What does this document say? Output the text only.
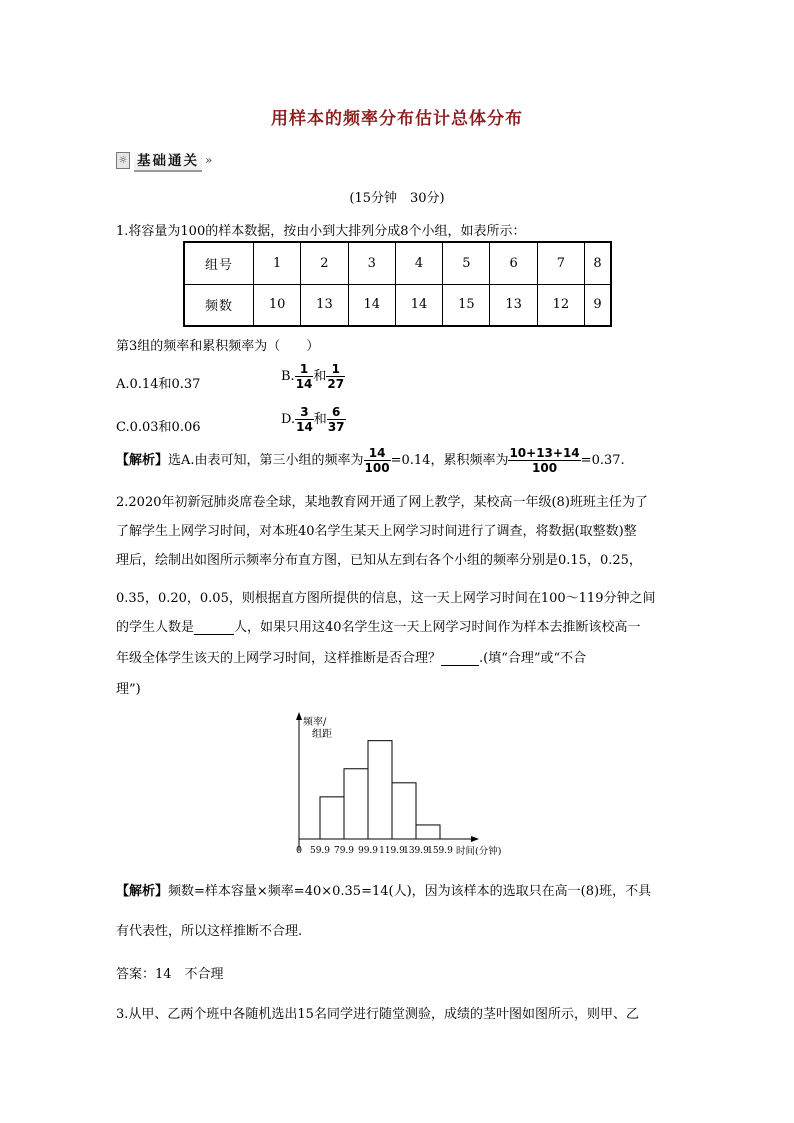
用样本的频率分布估计总体分布
☼ 基础通关 »
(15分钟　30分)
1.将容量为100的样本数据，按由小到大排列分成8个小组，如表所示：
组号	1	2	3	4	5	6	7	8
频数	10	13	14	14	15	13	12	9
第3组的频率和累积频率为（　　）
A.0.14和0.37
B. $\frac{1}{14}$ 和 $\frac{1}{27}$
C.0.03和0.06
D. $\frac{3}{14}$ 和 $\frac{6}{37}$
【解析】选A.由表可知，第三小组的频率为 $\frac{14}{100} =0.14$，累积频率为 $\frac{10+13+14}{100} =0.37$.
2.2020年初新冠肺炎席卷全球，某地教育网开通了网上教学，某校高一年级(8)班班主任为了
了解学生上网学习时间，对本班40名学生某天上网学习时间进行了调查，将数据(取整数)整
理后，绘制出如图所示频率分布直方图，已知从左到右各个小组的频率分别是0.15，0.25，
0.35，0.20，0.05，则根据直方图所提供的信息，这一天上网学习时间在100～119分钟之间
的学生人数是	人，如果只用这40名学生这一天上网学习时间作为样本去推断该校高一
年级全体学生该天的上网学习时间，这样推断是否合理？	.(填“合理”或“不合
理”)
频率/
组距
时间(分钟)
0 59.9 79.9 99.9 119.9
139.9
159.9
【解析】频数=样本容量×频率=40×0.35=14(人)，因为该样本的选取只在高一(8)班，不具
有代表性，所以这样推断不合理.
答案：14　不合理
3.从甲、乙两个班中各随机选出15名同学进行随堂测验，成绩的茎叶图如图所示，则甲、乙
